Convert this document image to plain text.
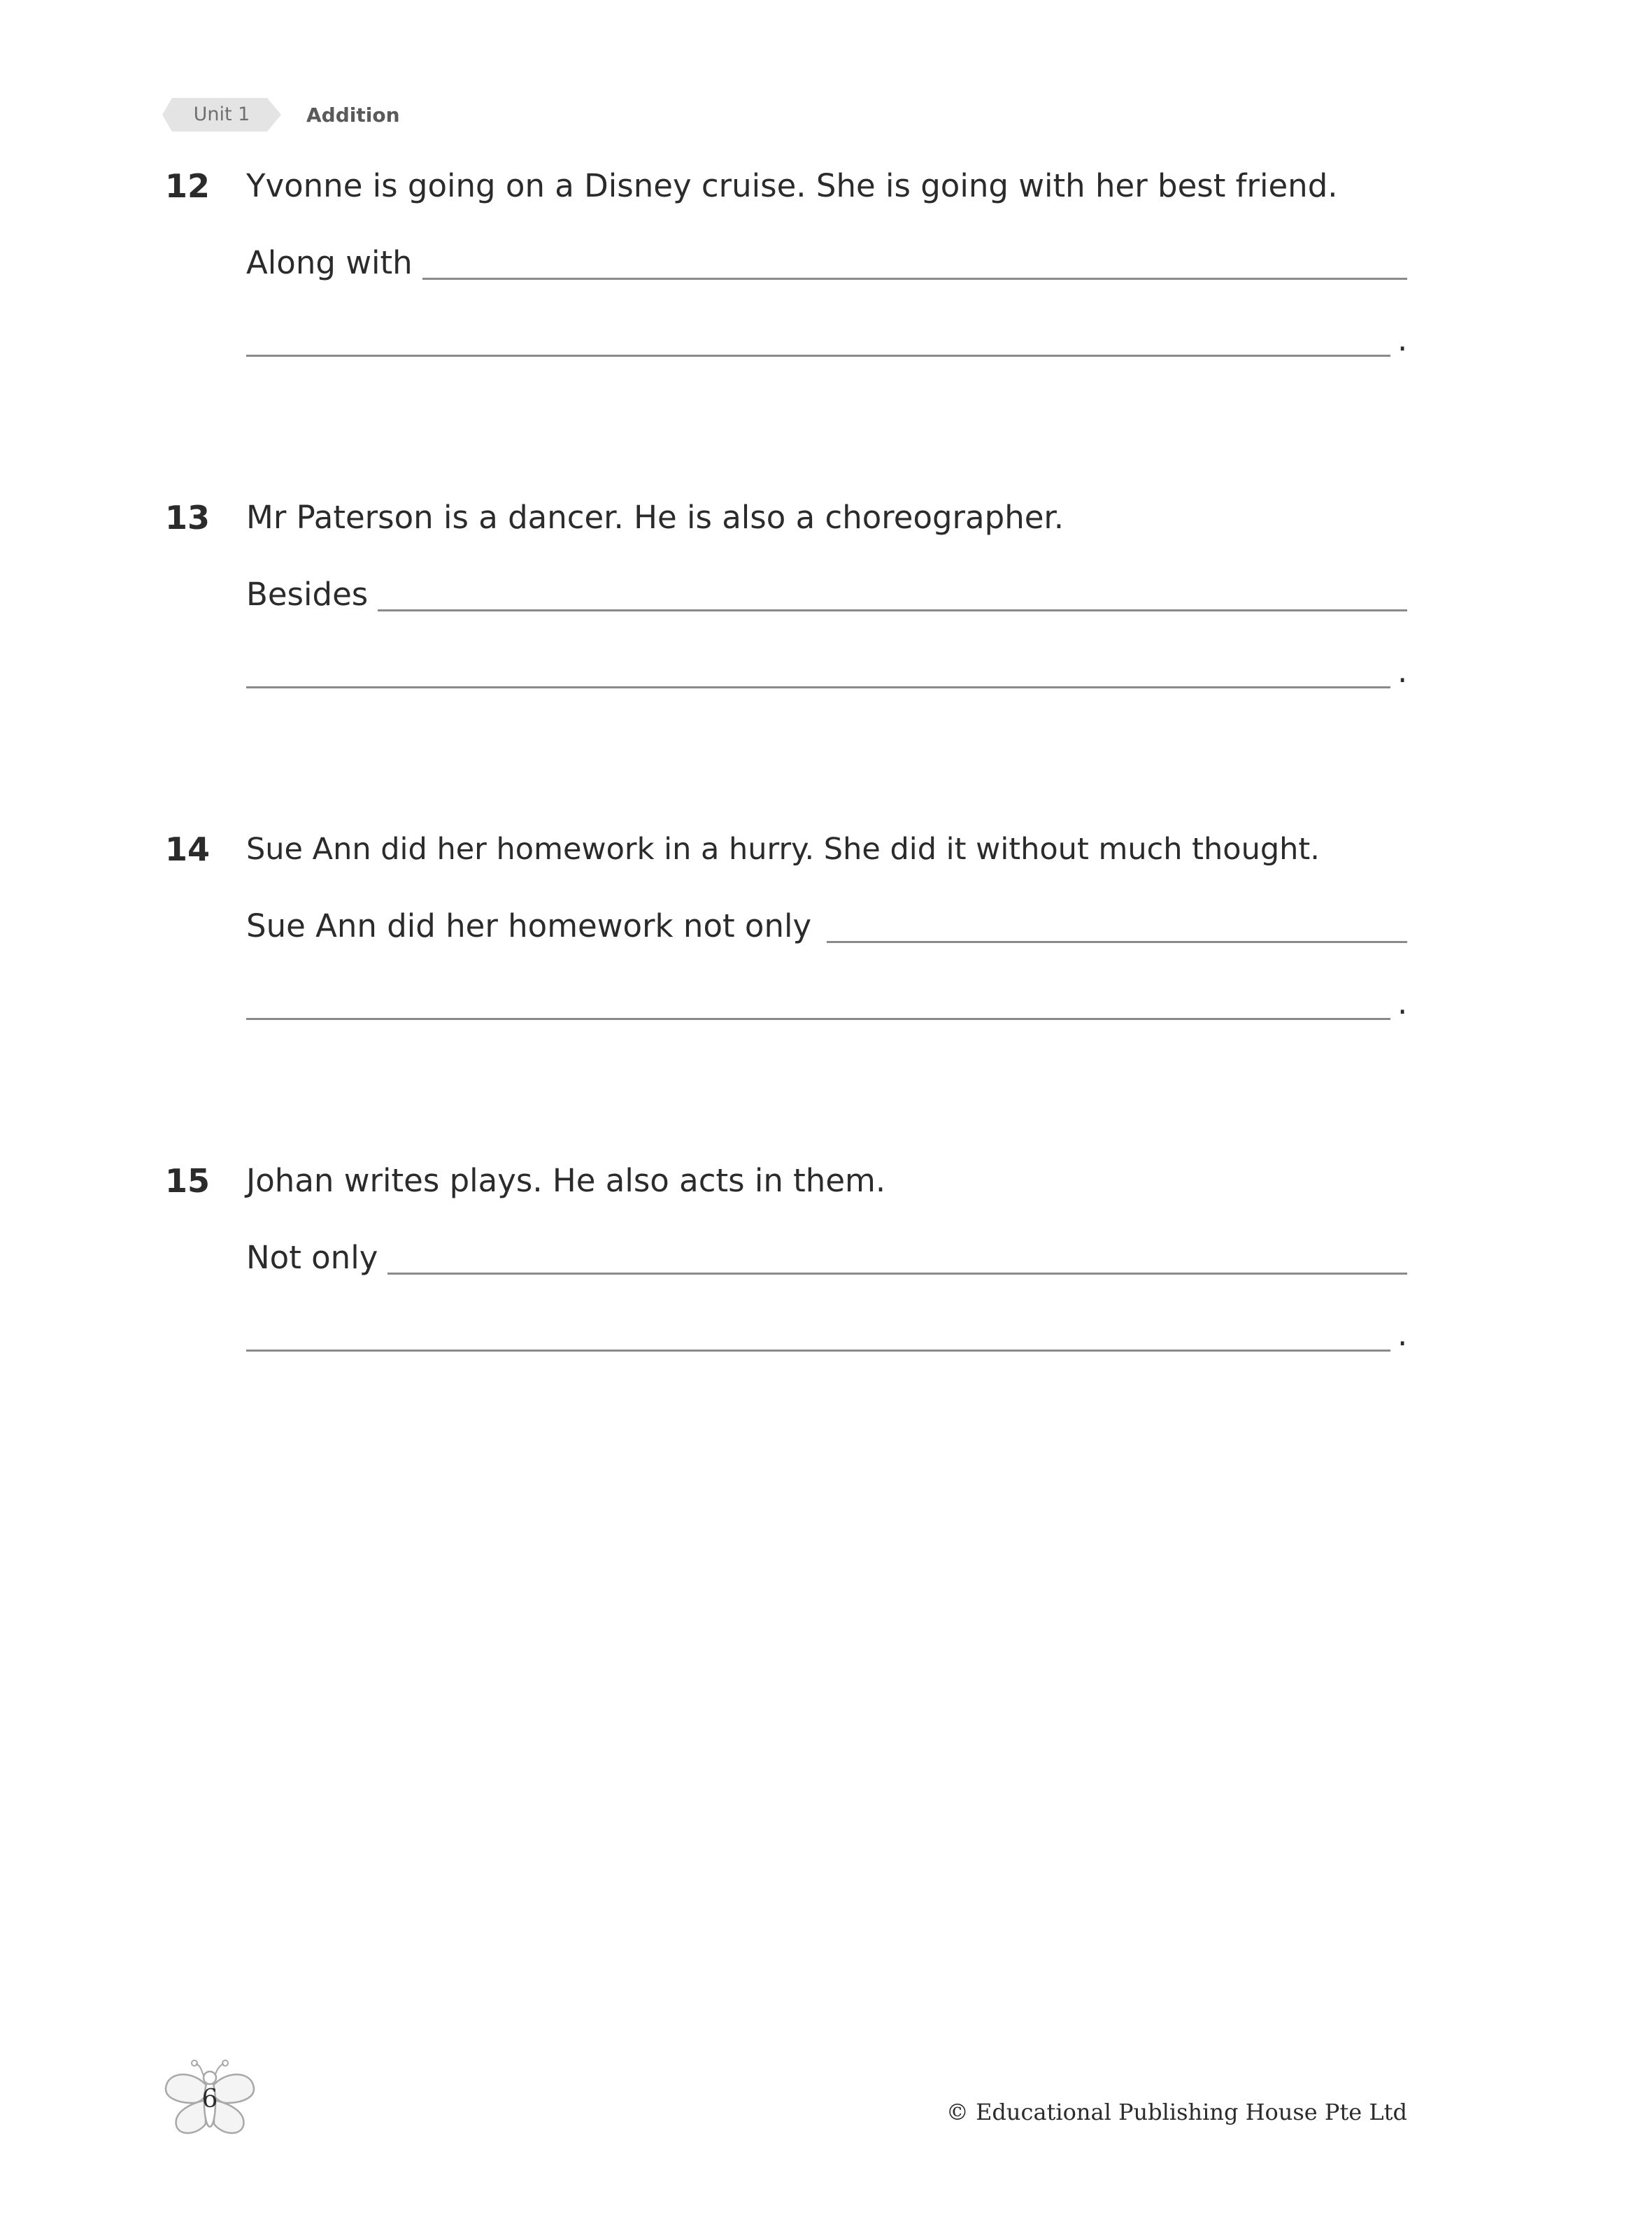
Unit 1	Addition
12 Yvonne is going on a Disney cruise. She is going with her best friend.
Along with
.
13 Mr Paterson is a dancer. He is also a choreographer.
Besides
.
14 Sue Ann did her homework in a hurry. She did it without much thought.
Sue Ann did her homework not only
.
15 Johan writes plays. He also acts in them.
Not only
.
6	© Educational Publishing House Pte Ltd
